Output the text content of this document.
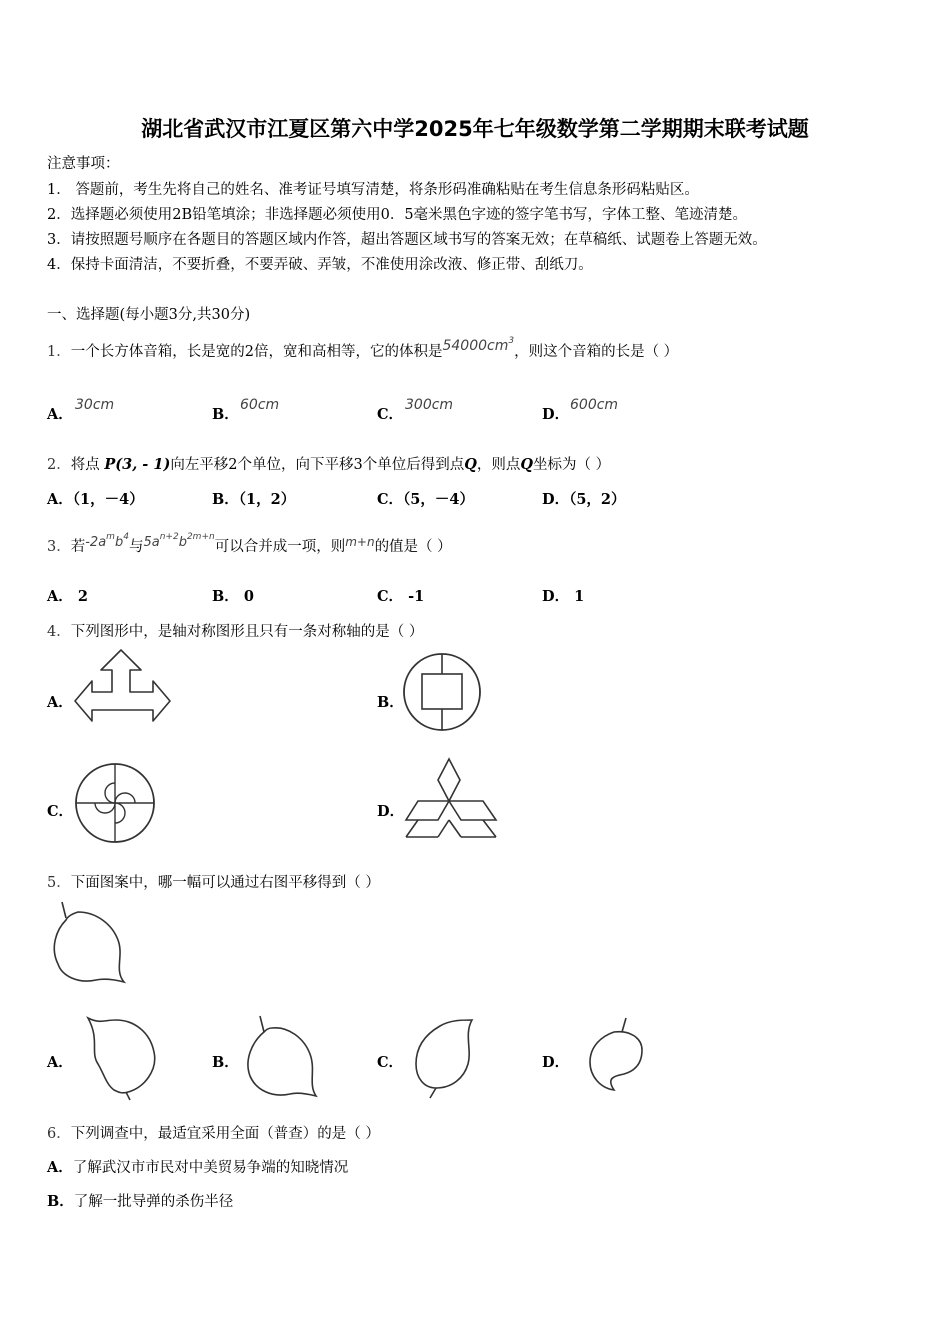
湖北省武汉市江夏区第六中学2025年七年级数学第二学期期末联考试题
注意事项：
1． 答题前，考生先将自己的姓名、准考证号填写清楚，将条形码准确粘贴在考生信息条形码粘贴区。
2．选择题必须使用2B铅笔填涂；非选择题必须使用0．5毫米黑色字迹的签字笔书写，字体工整、笔迹清楚。
3．请按照题号顺序在各题目的答题区域内作答，超出答题区域书写的答案无效；在草稿纸、试题卷上答题无效。
4．保持卡面清洁，不要折叠，不要弄破、弄皱，不准使用涂改液、修正带、刮纸刀。
一、选择题(每小题3分,共30分)
1．一个长方体音箱，长是宽的2倍，宽和高相等，它的体积是$54000cm^3$，则这个音箱的长是（ ）
A．
30cm
B．
60cm
C．
300cm
D．
600cm
2．将点 P(3, - 1)向左平移2个单位，向下平移3个单位后得到点Q，则点Q坐标为（ ）
A．（1，－4）	B．（1，2）	C．（5，－4）	D．（5，2）
3．若$-2a^mb^4$与$5a^{n+2}b^{2m+n}$可以合并成一项，则$^{m+n}$的值是（ ）
A． 2	B． 0	C． -1	D． 1
4．下列图形中，是轴对称图形且只有一条对称轴的是（ ）
A．	B．
C．	D．
5．下面图案中，哪一幅可以通过右图平移得到（ ）
A．	B．	C．	D．
6．下列调查中，最适宜采用全面（普查）的是（ ）
A．了解武汉市市民对中美贸易争端的知晓情况
B．了解一批导弹的杀伤半径
